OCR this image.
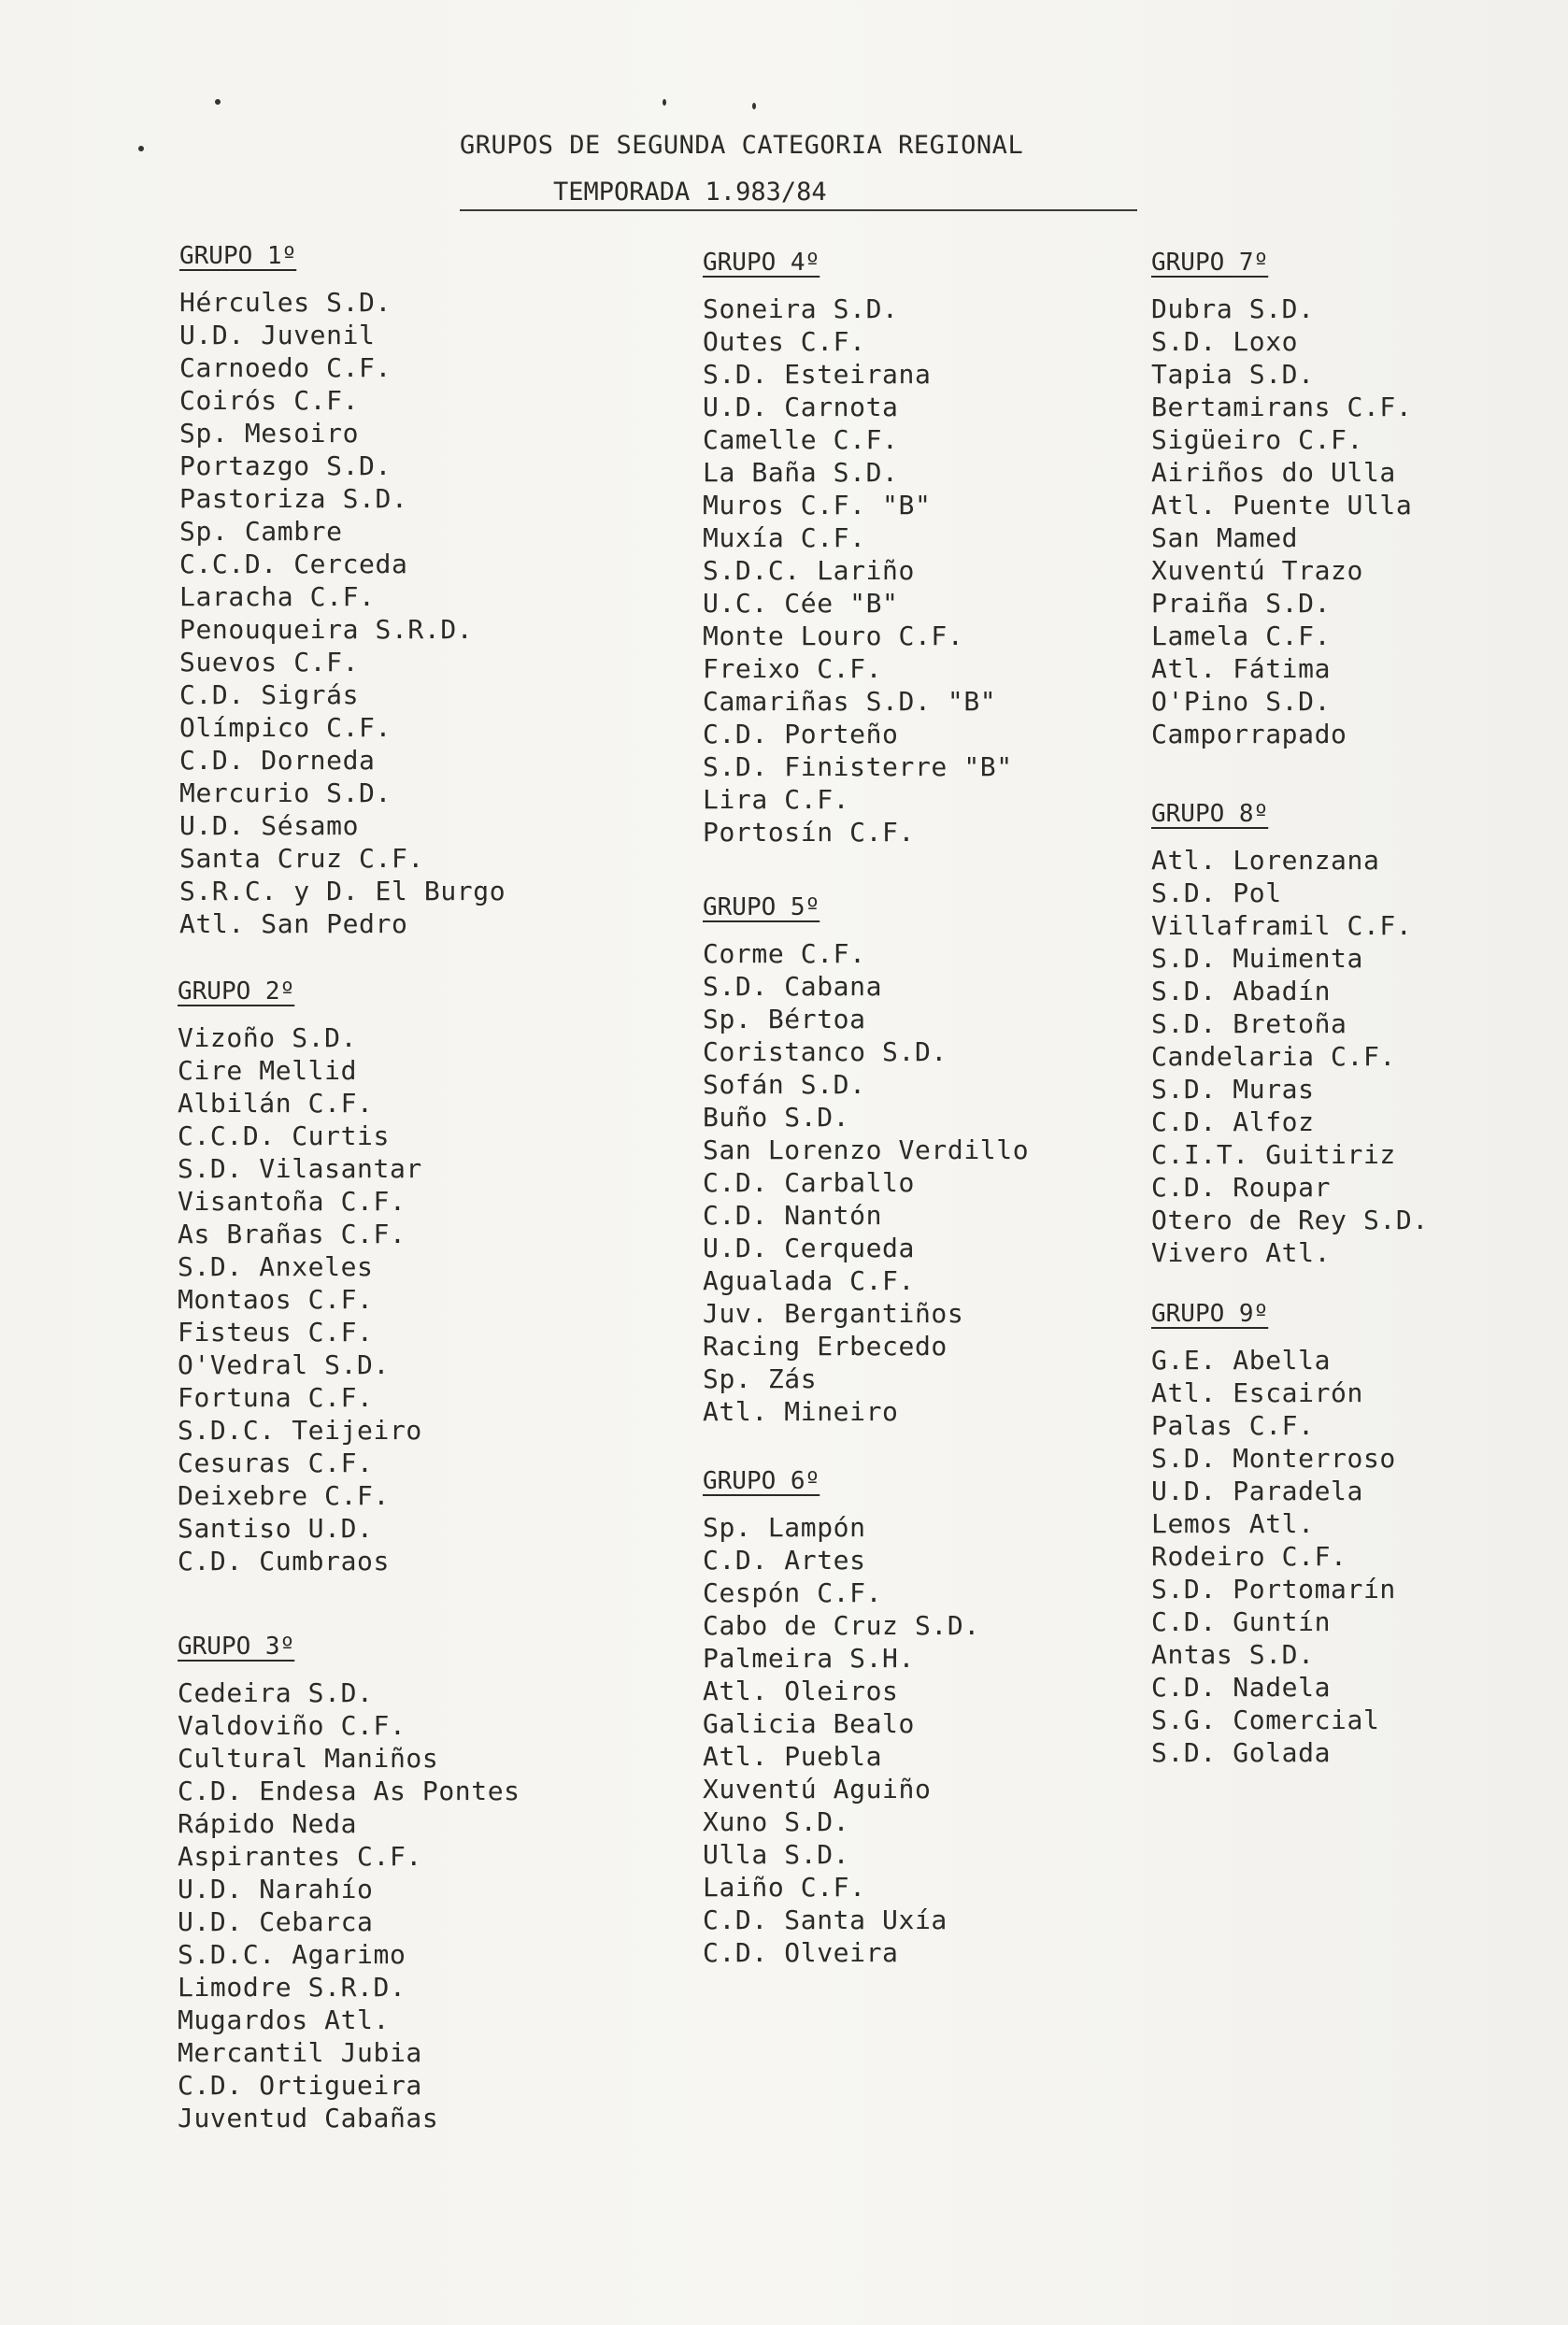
GRUPOS DE SEGUNDA CATEGORIA REGIONAL
TEMPORADA 1.983/84
GRUPO 1º
Hércules S.D.
U.D. Juvenil
Carnoedo C.F.
Coirós C.F.
Sp. Mesoiro
Portazgo S.D.
Pastoriza S.D.
Sp. Cambre
C.C.D. Cerceda
Laracha C.F.
Penouqueira S.R.D.
Suevos C.F.
C.D. Sigrás
Olímpico C.F.
C.D. Dorneda
Mercurio S.D.
U.D. Sésamo
Santa Cruz C.F.
S.R.C. y D. El Burgo
Atl. San Pedro
GRUPO 2º
Vizoño S.D.
Cire Mellid
Albilán C.F.
C.C.D. Curtis
S.D. Vilasantar
Visantoña C.F.
As Brañas C.F.
S.D. Anxeles
Montaos C.F.
Fisteus C.F.
O'Vedral S.D.
Fortuna C.F.
S.D.C. Teijeiro
Cesuras C.F.
Deixebre C.F.
Santiso U.D.
C.D. Cumbraos
GRUPO 3º
Cedeira S.D.
Valdoviño C.F.
Cultural Maniños
C.D. Endesa As Pontes
Rápido Neda
Aspirantes C.F.
U.D. Narahío
U.D. Cebarca
S.D.C. Agarimo
Limodre S.R.D.
Mugardos Atl.
Mercantil Jubia
C.D. Ortigueira
Juventud Cabañas
GRUPO 4º
Soneira S.D.
Outes C.F.
S.D. Esteirana
U.D. Carnota
Camelle C.F.
La Baña S.D.
Muros C.F. "B"
Muxía C.F.
S.D.C. Lariño
U.C. Cée "B"
Monte Louro C.F.
Freixo C.F.
Camariñas S.D. "B"
C.D. Porteño
S.D. Finisterre "B"
Lira C.F.
Portosín C.F.
GRUPO 5º
Corme C.F.
S.D. Cabana
Sp. Bértoa
Coristanco S.D.
Sofán S.D.
Buño S.D.
San Lorenzo Verdillo
C.D. Carballo
C.D. Nantón
U.D. Cerqueda
Agualada C.F.
Juv. Bergantiños
Racing Erbecedo
Sp. Zás
Atl. Mineiro
GRUPO 6º
Sp. Lampón
C.D. Artes
Cespón C.F.
Cabo de Cruz S.D.
Palmeira S.H.
Atl. Oleiros
Galicia Bealo
Atl. Puebla
Xuventú Aguiño
Xuno S.D.
Ulla S.D.
Laiño C.F.
C.D. Santa Uxía
C.D. Olveira
GRUPO 7º
Dubra S.D.
S.D. Loxo
Tapia S.D.
Bertamirans C.F.
Sigüeiro C.F.
Airiños do Ulla
Atl. Puente Ulla
San Mamed
Xuventú Trazo
Praiña S.D.
Lamela C.F.
Atl. Fátima
O'Pino S.D.
Camporrapado
GRUPO 8º
Atl. Lorenzana
S.D. Pol
Villaframil C.F.
S.D. Muimenta
S.D. Abadín
S.D. Bretoña
Candelaria C.F.
S.D. Muras
C.D. Alfoz
C.I.T. Guitiriz
C.D. Roupar
Otero de Rey S.D.
Vivero Atl.
GRUPO 9º
G.E. Abella
Atl. Escairón
Palas C.F.
S.D. Monterroso
U.D. Paradela
Lemos Atl.
Rodeiro C.F.
S.D. Portomarín
C.D. Guntín
Antas S.D.
C.D. Nadela
S.G. Comercial
S.D. Golada
